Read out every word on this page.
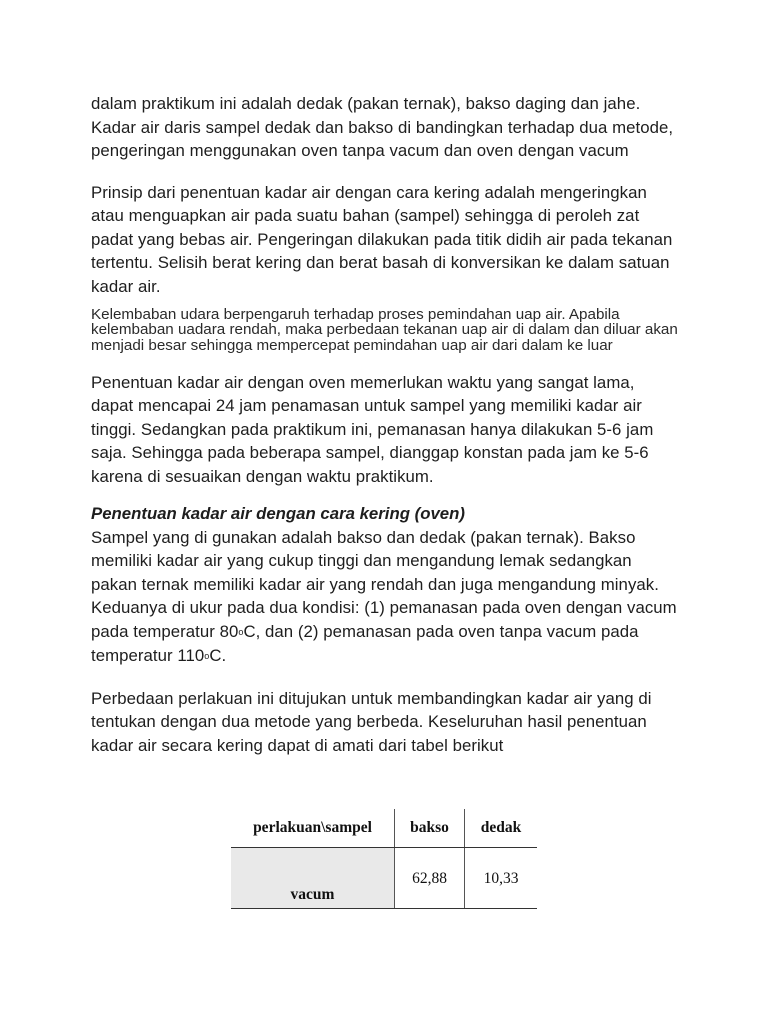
dalam praktikum ini adalah dedak (pakan ternak), bakso daging dan jahe. Kadar air daris sampel dedak dan bakso di bandingkan terhadap dua metode, pengeringan menggunakan oven tanpa vacum dan oven dengan vacum

Prinsip dari penentuan kadar air dengan cara kering adalah mengeringkan atau menguapkan air pada suatu bahan (sampel) sehingga di peroleh zat padat yang bebas air. Pengeringan dilakukan pada titik didih air pada tekanan tertentu. Selisih berat kering dan berat basah di konversikan ke dalam satuan kadar air.

Kelembaban udara berpengaruh terhadap proses pemindahan uap air. Apabila kelembaban uadara rendah, maka perbedaan tekanan uap air di dalam dan diluar akan menjadi besar sehingga mempercepat pemindahan uap air dari dalam ke luar

Penentuan kadar air dengan oven memerlukan waktu yang sangat lama, dapat mencapai 24 jam penamasan untuk sampel yang memiliki kadar air tinggi. Sedangkan pada praktikum ini, pemanasan hanya dilakukan 5-6 jam saja. Sehingga pada beberapa sampel, dianggap konstan pada jam ke 5-6 karena di sesuaikan dengan waktu praktikum.

Penentuan kadar air dengan cara kering (oven)

Sampel yang di gunakan adalah bakso dan dedak (pakan ternak). Bakso memiliki kadar air yang cukup tinggi dan mengandung lemak sedangkan pakan ternak memiliki kadar air yang rendah dan juga mengandung minyak. Keduanya di ukur pada dua kondisi: (1) pemanasan pada oven dengan vacum pada temperatur 80$^o$C, dan (2) pemanasan pada oven tanpa vacum pada temperatur 110$^o$C.

Perbedaan perlakuan ini ditujukan untuk membandingkan kadar air yang di tentukan dengan dua metode yang berbeda. Keseluruhan hasil penentuan kadar air secara kering dapat di amati dari tabel berikut

perlakuan\sampel	bakso	dedak
vacum	62,88	10,33
